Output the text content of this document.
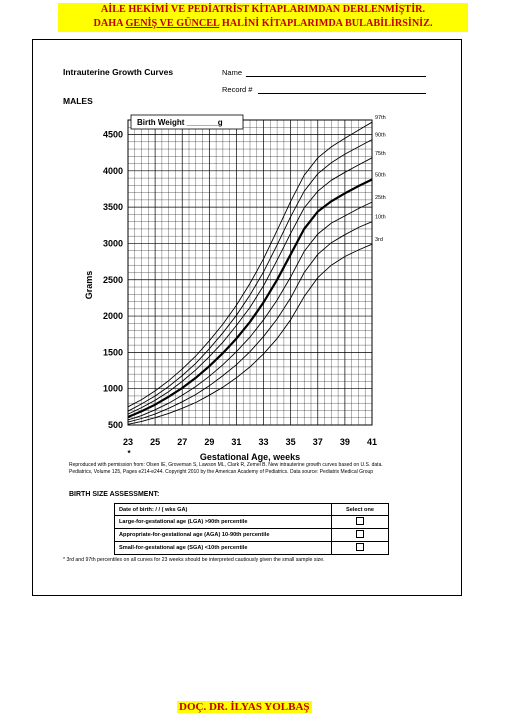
AİLE HEKİMİ VE PEDİATRİST KİTAPLARIMDAN DERLENMİŞTİR.
DAHA GENİŞ VE GÜNCEL HALİNİ KİTAPLARIMDA BULABİLİRSİNİZ.
Intrauterine Growth Curves	Name
Record #
MALES
97th
90th
75th
50th
25th
10th
3rd
23 25 27 29 31 33 35 37 39 41
500
1000
1500
2000
2500
3000
3500
4000
4500
Birth Weight _______g
Gestational Age, weeks
Grams
*
Reproduced with permission from: Olsen IE, Groveman S, Lawson ML, Clark R, Zemel B. New intrauterine growth curves based on U.S. data.
Pediatrics, Volume 125, Pages e214-e244. Copyright 2010 by the American Academy of Pediatrics. Data source: Pediatrix Medical Group
BIRTH SIZE ASSESSMENT:
Date of birth: / / ( wks GA)	Select one
Large-for-gestational age (LGA) >90th percentile	
Appropriate-for-gestational age (AGA) 10-90th percentile	
Small-for-gestational age (SGA) <10th percentile	
* 3rd and 97th percentiles on all curves for 23 weeks should be interpreted cautiously given the small sample size.
DOÇ. DR. İLYAS YOLBAŞ
